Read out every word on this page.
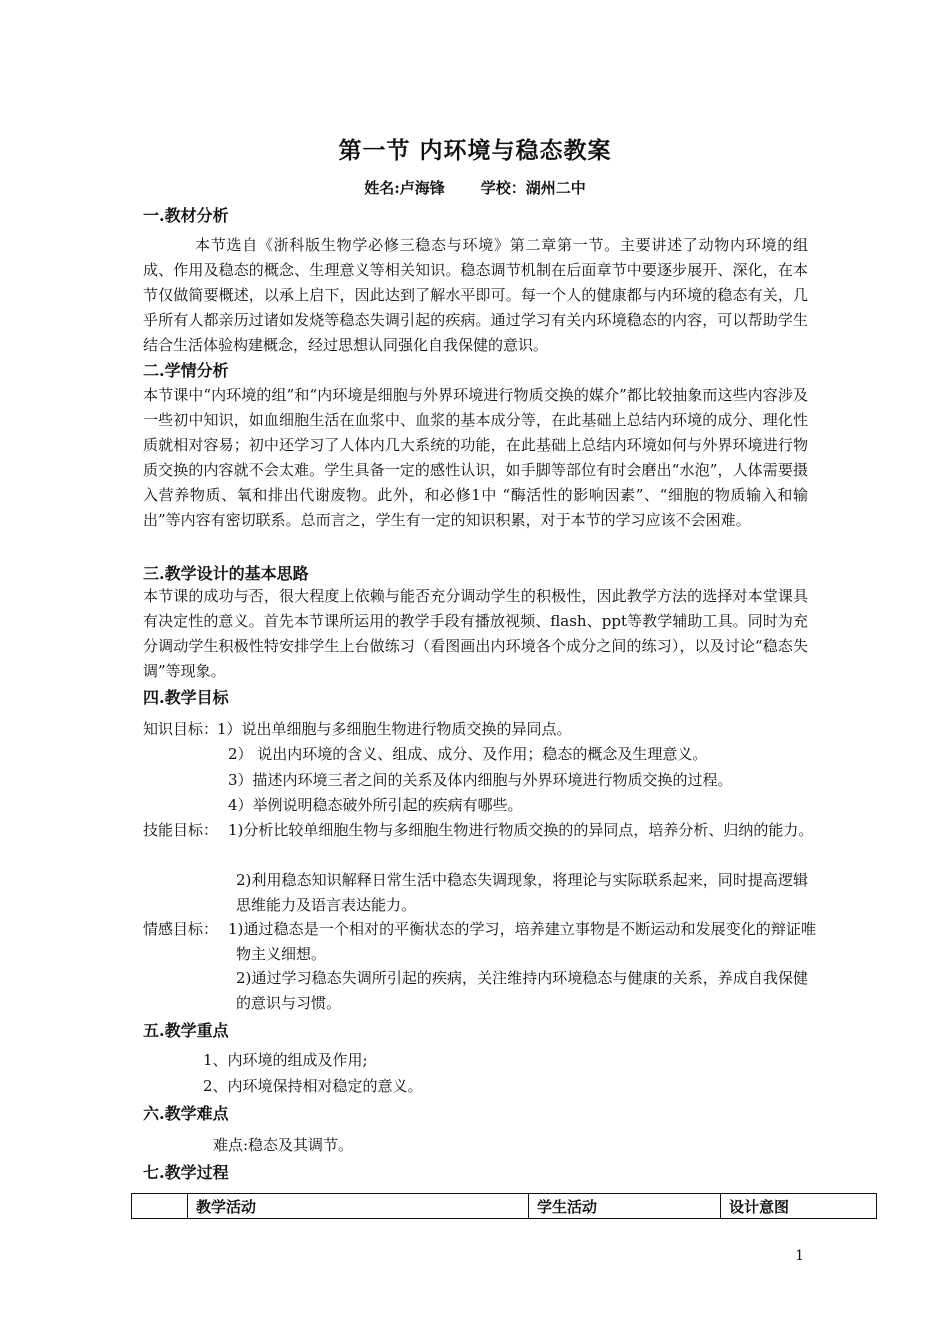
第一节 内环境与稳态教案
姓名:卢海锋 学校：湖州二中
一.教材分析
本节选自《浙科版生物学必修三稳态与环境》第二章第一节。主要讲述了动物内环境的组成、作用及稳态的概念、生理意义等相关知识。稳态调节机制在后面章节中要逐步展开、深化，在本节仅做简要概述，以承上启下，因此达到了解水平即可。每一个人的健康都与内环境的稳态有关，几乎所有人都亲历过诸如发烧等稳态失调引起的疾病。通过学习有关内环境稳态的内容，可以帮助学生结合生活体验构建概念，经过思想认同强化自我保健的意识。
二.学情分析
本节课中“内环境的组”和“内环境是细胞与外界环境进行物质交换的媒介”都比较抽象而这些内容涉及一些初中知识，如血细胞生活在血浆中、血浆的基本成分等，在此基础上总结内环境的成分、理化性质就相对容易；初中还学习了人体内几大系统的功能，在此基础上总结内环境如何与外界环境进行物质交换的内容就不会太难。学生具备一定的感性认识，如手脚等部位有时会磨出“水泡”，人体需要摄入营养物质、氧和排出代谢废物。此外，和必修1中 “酶活性的影响因素”、“细胞的物质输入和输出”等内容有密切联系。总而言之，学生有一定的知识积累，对于本节的学习应该不会困难。
三.教学设计的基本思路
本节课的成功与否，很大程度上依赖与能否充分调动学生的积极性，因此教学方法的选择对本堂课具有决定性的意义。首先本节课所运用的教学手段有播放视频、flash、ppt等教学辅助工具。同时为充分调动学生积极性特安排学生上台做练习（看图画出内环境各个成分之间的练习），以及讨论“稳态失调”等现象。
四.教学目标
知识目标：
1）说出单细胞与多细胞生物进行物质交换的异同点。
2） 说出内环境的含义、组成、成分、及作用；稳态的概念及生理意义。
3）描述内环境三者之间的关系及体内细胞与外界环境进行物质交换的过程。
4）举例说明稳态破外所引起的疾病有哪些。
技能目标： 1)分析比较单细胞生物与多细胞生物进行物质交换的的异同点，培养分析、归纳的能力。
2)利用稳态知识解释日常生活中稳态失调现象，将理论与实际联系起来，同时提高逻辑思维能力及语言表达能力。
情感目标： 1)通过稳态是一个相对的平衡状态的学习，培养建立事物是不断运动和发展变化的辩证唯物主义细想。
2)通过学习稳态失调所引起的疾病，关注维持内环境稳态与健康的关系，养成自我保健的意识与习惯。
五.教学重点
1、内环境的组成及作用;
2、内环境保持相对稳定的意义。
六.教学难点
难点:稳态及其调节。
七.教学过程
	教学活动	学生活动	设计意图
1
